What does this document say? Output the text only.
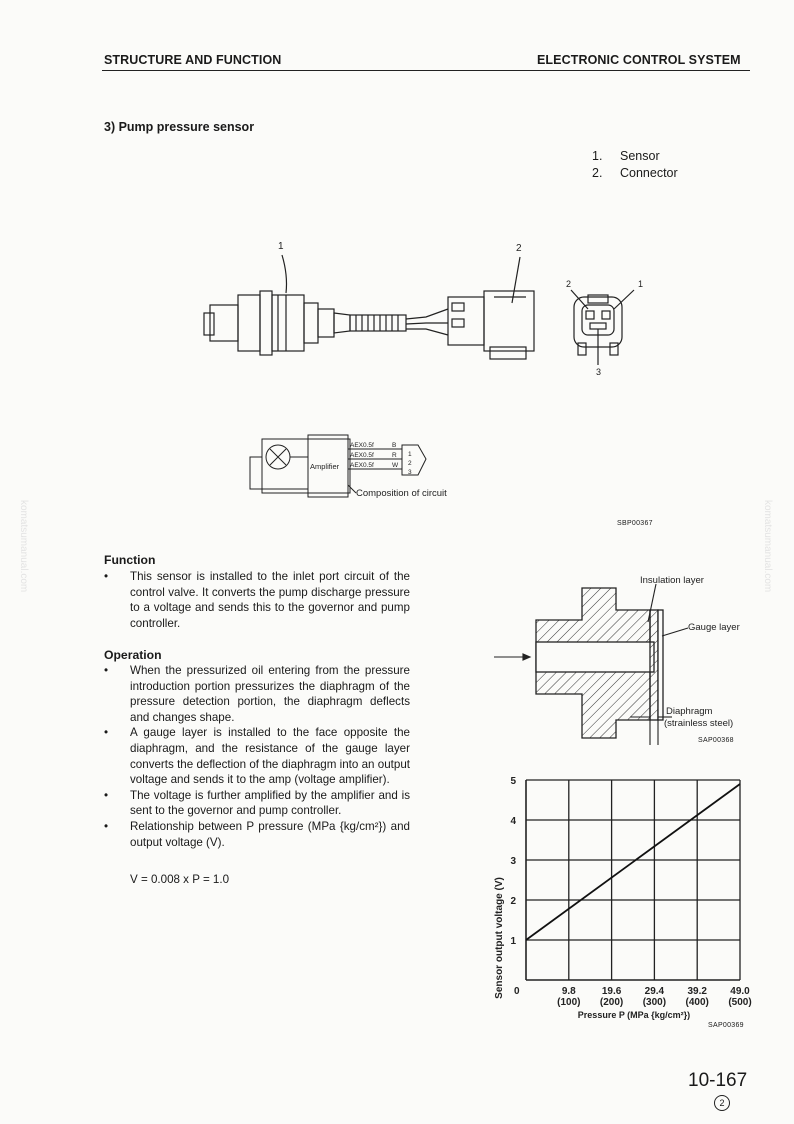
STRUCTURE AND FUNCTION	ELECTRONIC CONTROL SYSTEM
3) Pump pressure sensor
1. Sensor
2. Connector
1	2
2	1
3
Amplifier
AEX0.5f
AEX0.5f
AEX0.5f
B
R
W
1
2
3
Composition of circuit
SBP00367
Function
• This sensor is installed to the inlet port circuit of the control valve. It converts the pump discharge pressure to a voltage and sends this to the governor and pump controller.
Operation
• When the pressurized oil entering from the pressure introduction portion pressurizes the diaphragm of the pressure detection portion, the diaphragm deflects and changes shape.
• A gauge layer is installed to the face opposite the diaphragm, and the resistance of the gauge layer converts the deflection of the diaphragm into an output voltage and sends it to the amp (voltage amplifier).
• The voltage is further amplified by the amplifier and is sent to the governor and pump controller.
• Relationship between P pressure (MPa {kg/cm²}) and output voltage (V).
V = 0.008 x P = 1.0
Insulation layer
Gauge layer
Diaphragm
(strainless steel)
SAP00368
9.8
(100)
19.6
(200)
29.4
(300)
39.2
(400)
49.0
(500)
1
2
3
4
5
Sensor output voltage (V)
Pressure P (MPa {kg/cm²})
0
SAP00369
10-167
2
komatsumanual.com	komatsumanual.com
